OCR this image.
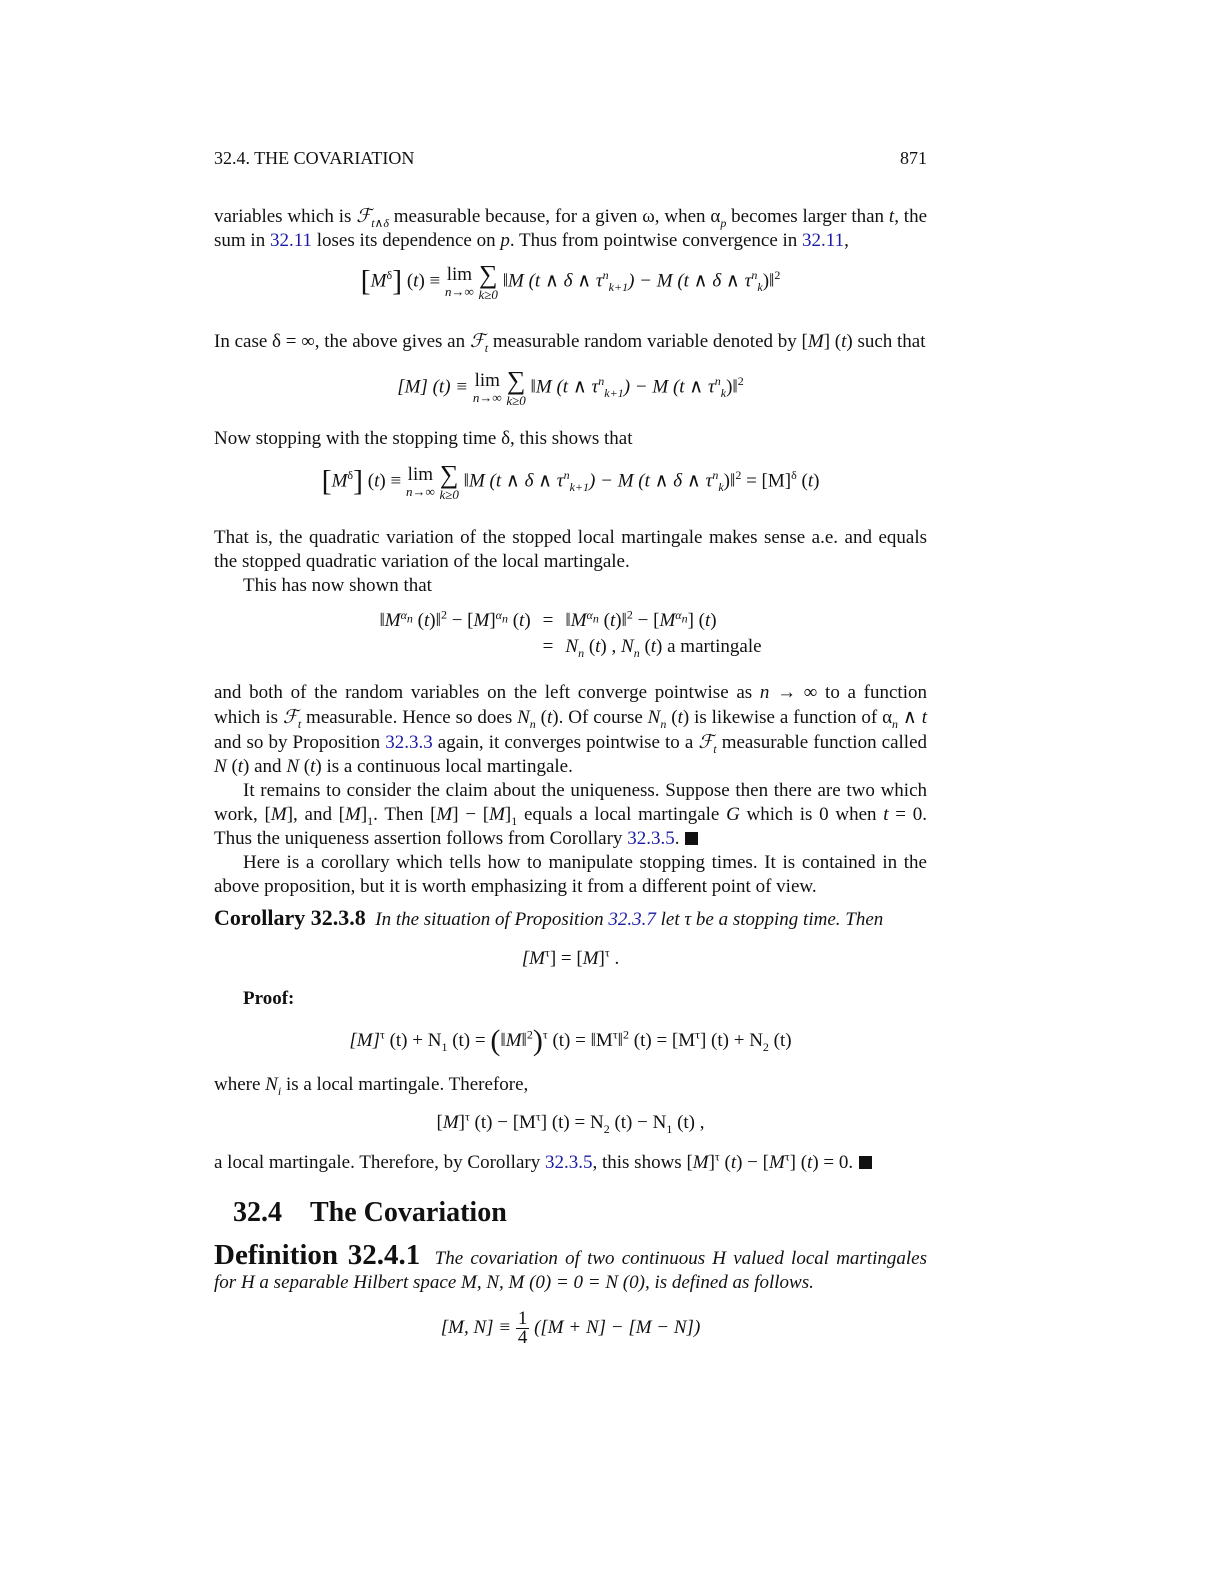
32.4. THE COVARIATION	871

variables which is ℱ$_{t\wedge\delta}$ measurable because, for a given ω, when $\alpha_p$ becomes larger than t, the sum in 32.11 loses its dependence on p. Thus from pointwise convergence in 32.11,

$[M^\delta] (t) \equiv \lim$
n→∞

∑
k≥0
‖M (t ∧ δ ∧ $\tau^n_{k+1}) - M$ (t ∧ δ ∧ $\tau^n_k)‖^2$

In case δ = ∞, the above gives an ℱ$_t$ measurable random variable denoted by [M] (t) such that

[M] (t) ≡ lim
n→∞

∑
k≥0
‖M (t ∧ $\tau^n_{k+1}) - M$ (t ∧ $\tau^n_k)‖^2$

Now stopping with the stopping time δ, this shows that

$[M^\delta] (t) \equiv \lim$
n→∞

∑
k≥0
‖M (t ∧ δ ∧ $\tau^n_{k+1}) - M$ (t ∧ δ ∧ $\tau^n_k)‖^2 = [M]^\delta$ (t)

That is, the quadratic variation of the stopped local martingale makes sense a.e. and equals the stopped quadratic variation of the local martingale.

This has now shown that

$‖M^{\alpha_n}$ (t)‖$^2$ − $[M]^{\alpha_n}$ (t)	=	$‖M^{\alpha_n}$ (t)‖$^2$ − $[M^{\alpha_n}]$ (t)
	=	$N_n$ (t) , $N_n$ (t) a martingale

and both of the random variables on the left converge pointwise as n → ∞ to a function which is ℱ$_t$ measurable. Hence so does $N_n$ (t). Of course $N_n$ (t) is likewise a function of $\alpha_n$ ∧ t and so by Proposition 32.3.3 again, it converges pointwise to a ℱ$_t$ measurable function called N (t) and N (t) is a continuous local martingale.

It remains to consider the claim about the uniqueness. Suppose then there are two which work, [M], and $[M]_1$. Then $[M] - [M]_1$ equals a local martingale G which is 0 when t = 0. Thus the uniqueness assertion follows from Corollary 32.3.5.

Here is a corollary which tells how to manipulate stopping times. It is contained in the above proposition, but it is worth emphasizing it from a different point of view.

Corollary 32.3.8 In the situation of Proposition 32.3.7 let τ be a stopping time. Then

$[M^\tau] = [M]^\tau$ .

Proof:

$[M]^\tau$ $(t) + N_1$ (t) = (‖M‖$^2$)$^\tau$ $(t) = ‖M^\tau‖^2$ $(t) = [M^\tau] (t) + N_2$ (t)

where $N_i$ is a local martingale. Therefore,

$[M]^\tau$ $(t) - [M^\tau] (t) = N_2$ $(t) - N_1$ (t) ,

a local martingale. Therefore, by Corollary 32.3.5, this shows $[M]^\tau$ $(t) - [M^\tau] (t) = 0$.

32.4 The Covariation

Definition 32.4.1 The covariation of two continuous H valued local martingales for H a separable Hilbert space M, N, M (0) = 0 = N (0), is defined as follows.

[M, $N] \equiv \frac{1}{4} ([M + N] - [M - N])$
